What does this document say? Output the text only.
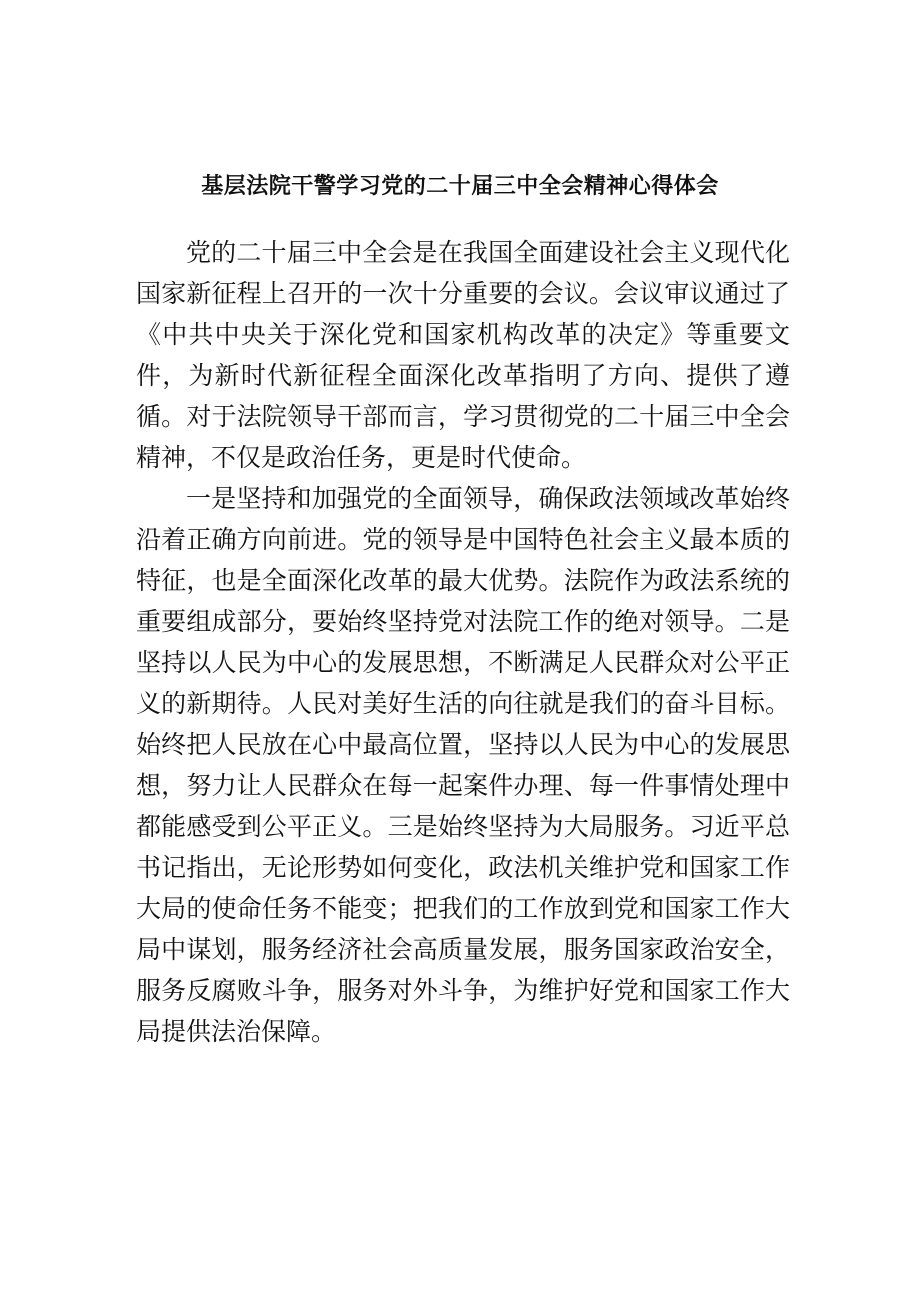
基层法院干警学习党的二十届三中全会精神心得体会

党的二十届三中全会是在我国全面建设社会主义现代化国家新征程上召开的一次十分重要的会议。会议审议通过了《中共中央关于深化党和国家机构改革的决定》等重要文件，为新时代新征程全面深化改革指明了方向、提供了遵循。对于法院领导干部而言，学习贯彻党的二十届三中全会精神，不仅是政治任务，更是时代使命。

一是坚持和加强党的全面领导，确保政法领域改革始终沿着正确方向前进。党的领导是中国特色社会主义最本质的特征，也是全面深化改革的最大优势。法院作为政法系统的重要组成部分，要始终坚持党对法院工作的绝对领导。二是坚持以人民为中心的发展思想，不断满足人民群众对公平正义的新期待。人民对美好生活的向往就是我们的奋斗目标。始终把人民放在心中最高位置，坚持以人民为中心的发展思想，努力让人民群众在每一起案件办理、每一件事情处理中都能感受到公平正义。三是始终坚持为大局服务。习近平总书记指出，无论形势如何变化，政法机关维护党和国家工作大局的使命任务不能变；把我们的工作放到党和国家工作大局中谋划，服务经济社会高质量发展，服务国家政治安全，服务反腐败斗争，服务对外斗争，为维护好党和国家工作大局提供法治保障。
